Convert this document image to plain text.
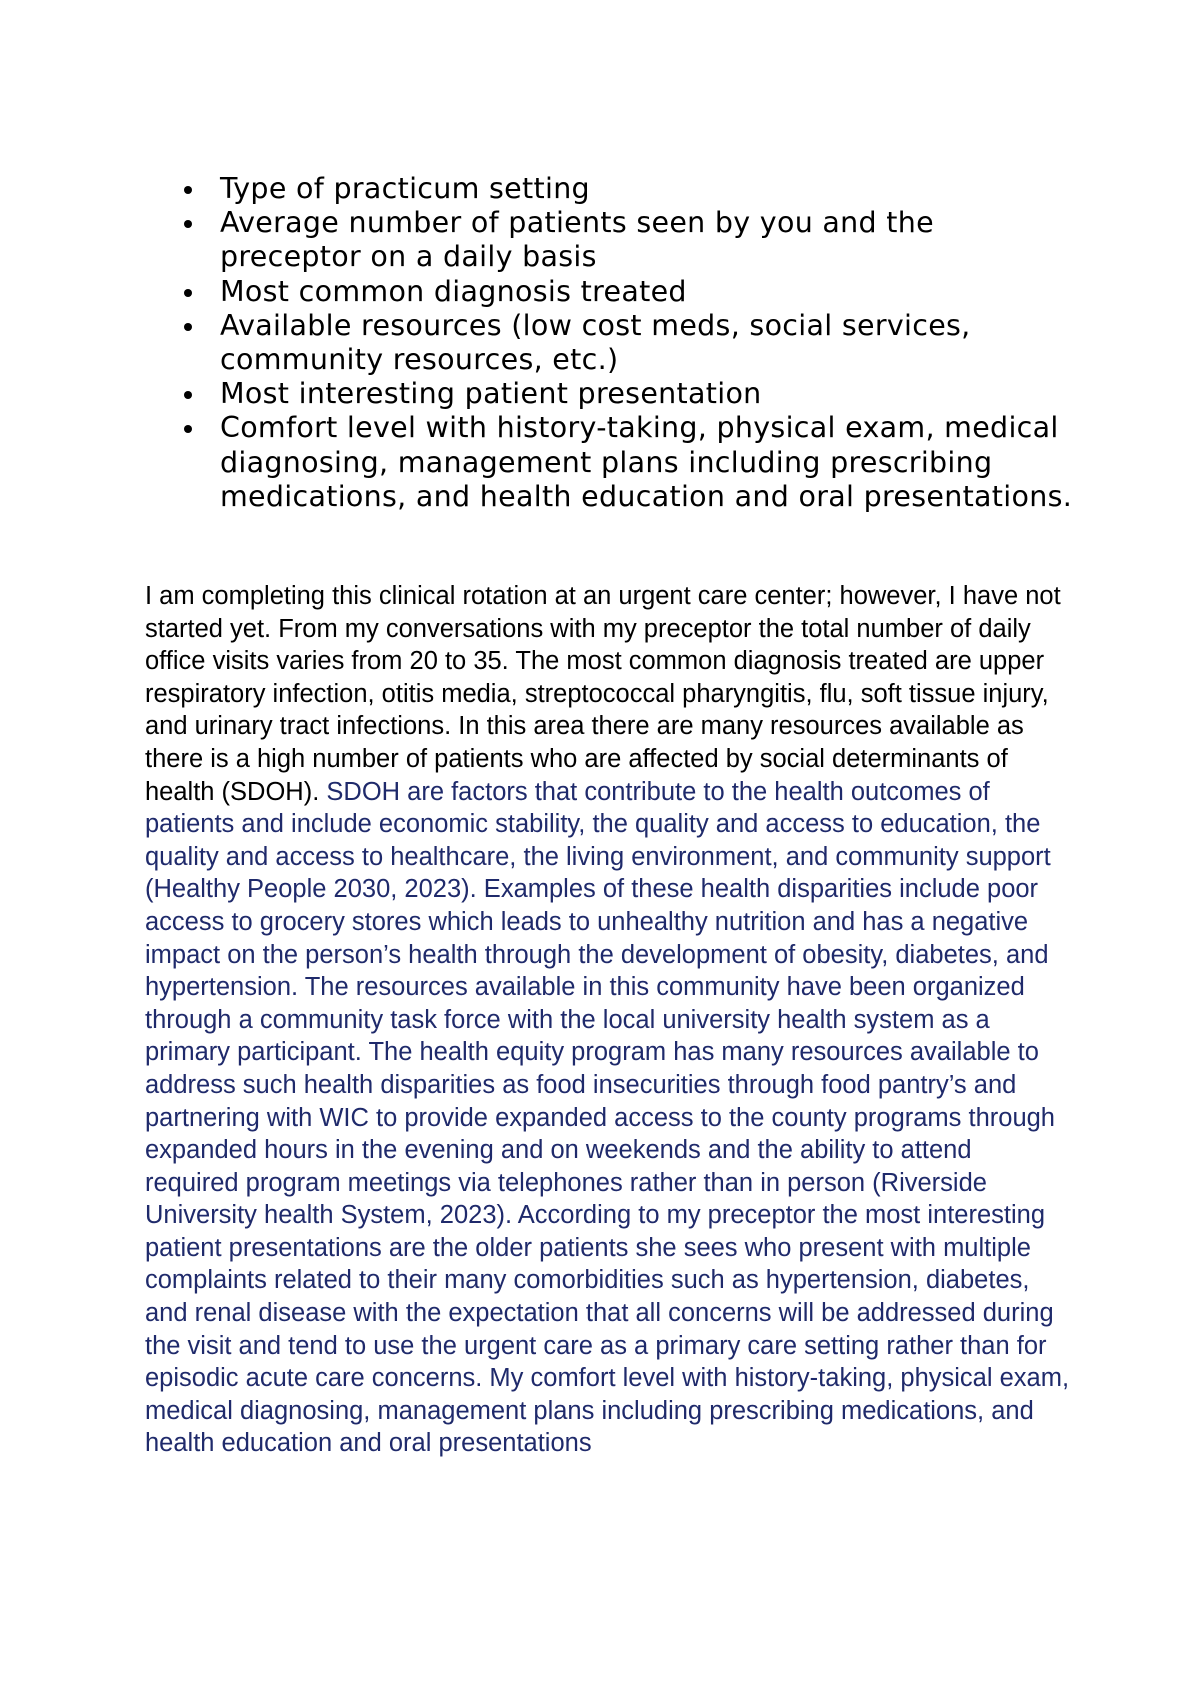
Type of practicum setting
Average number of patients seen by you and the preceptor on a daily basis
Most common diagnosis treated
Available resources (low cost meds, social services, community resources, etc.)
Most interesting patient presentation
Comfort level with history-taking, physical exam, medical diagnosing, management plans including prescribing medications, and health education and oral presentations.

I am completing this clinical rotation at an urgent care center; however, I have not started yet. From my conversations with my preceptor the total number of daily office visits varies from 20 to 35. The most common diagnosis treated are upper respiratory infection, otitis media, streptococcal pharyngitis, flu, soft tissue injury, and urinary tract infections. In this area there are many resources available as there is a high number of patients who are affected by social determinants of health (SDOH). SDOH are factors that contribute to the health outcomes of patients and include economic stability, the quality and access to education, the quality and access to healthcare, the living environment, and community support (Healthy People 2030, 2023). Examples of these health disparities include poor access to grocery stores which leads to unhealthy nutrition and has a negative impact on the person’s health through the development of obesity, diabetes, and hypertension. The resources available in this community have been organized through a community task force with the local university health system as a primary participant. The health equity program has many resources available to address such health disparities as food insecurities through food pantry’s and partnering with WIC to provide expanded access to the county programs through expanded hours in the evening and on weekends and the ability to attend required program meetings via telephones rather than in person (Riverside University health System, 2023). According to my preceptor the most interesting patient presentations are the older patients she sees who present with multiple complaints related to their many comorbidities such as hypertension, diabetes, and renal disease with the expectation that all concerns will be addressed during the visit and tend to use the urgent care as a primary care setting rather than for episodic acute care concerns. My comfort level with history-taking, physical exam, medical diagnosing, management plans including prescribing medications, and health education and oral presentations
